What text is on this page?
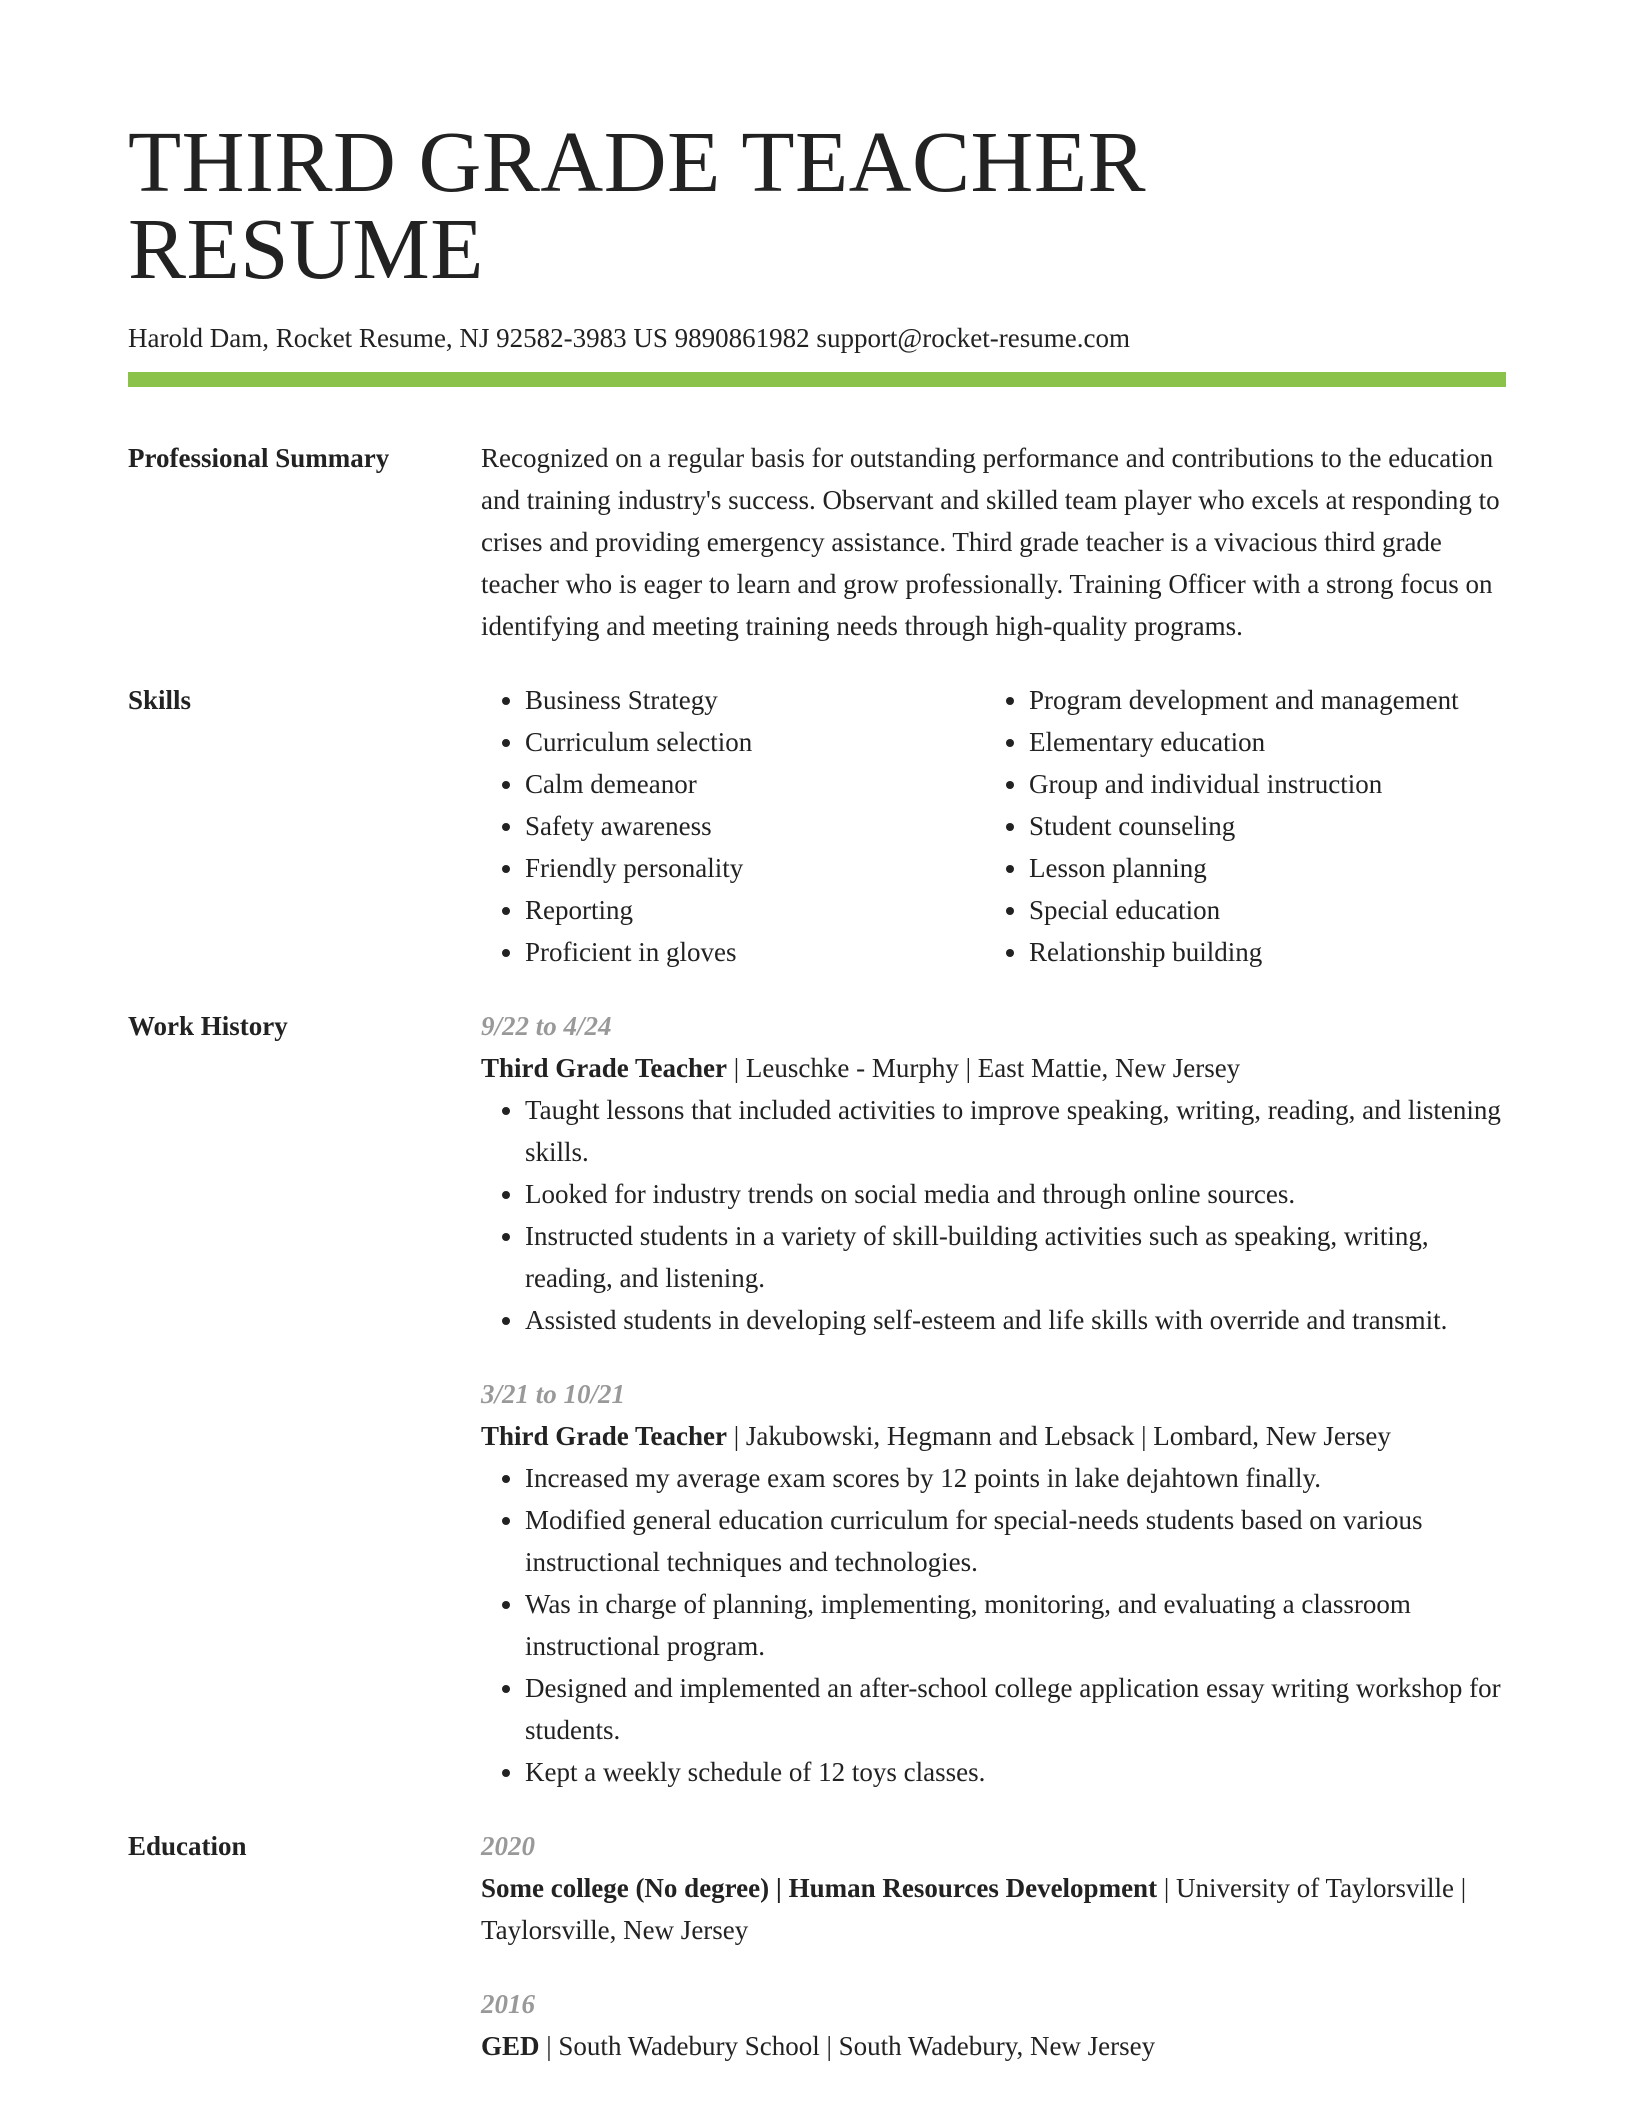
THIRD GRADE TEACHER RESUME
Harold Dam, Rocket Resume, NJ 92582-3983 US 9890861982 support@rocket-resume.com
Professional Summary	Recognized on a regular basis for outstanding performance and contributions to the education and training industry's success. Observant and skilled team player who excels at responding to crises and providing emergency assistance. Third grade teacher is a vivacious third grade teacher who is eager to learn and grow professionally. Training Officer with a strong focus on identifying and meeting training needs through high-quality programs.

Skills
•	Business Strategy
• Curriculum selection
• Calm demeanor
• Safety awareness
• Friendly personality
• Reporting
• Proficient in gloves
• Program development and management
• Elementary education
• Group and individual instruction
• Student counseling
• Lesson planning
• Special education
• Relationship building
Work History	9/22 to 4/24

Third Grade Teacher | Leuschke - Murphy | East Mattie, New Jersey

• Taught lessons that included activities to improve speaking, writing, reading, and listening skills.
• Looked for industry trends on social media and through online sources.
• Instructed students in a variety of skill-building activities such as speaking, writing, reading, and listening.
• Assisted students in developing self-esteem and life skills with override and transmit.
3/21 to 10/21

Third Grade Teacher | Jakubowski, Hegmann and Lebsack | Lombard, New Jersey

• Increased my average exam scores by 12 points in lake dejahtown finally.
• Modified general education curriculum for special-needs students based on various instructional techniques and technologies.
• Was in charge of planning, implementing, monitoring, and evaluating a classroom instructional program.
• Designed and implemented an after-school college application essay writing workshop for students.
• Kept a weekly schedule of 12 toys classes.
Education	2020

Some college (No degree) | Human Resources Development | University of Taylorsville | Taylorsville, New Jersey

2016

GED | South Wadebury School | South Wadebury, New Jersey
